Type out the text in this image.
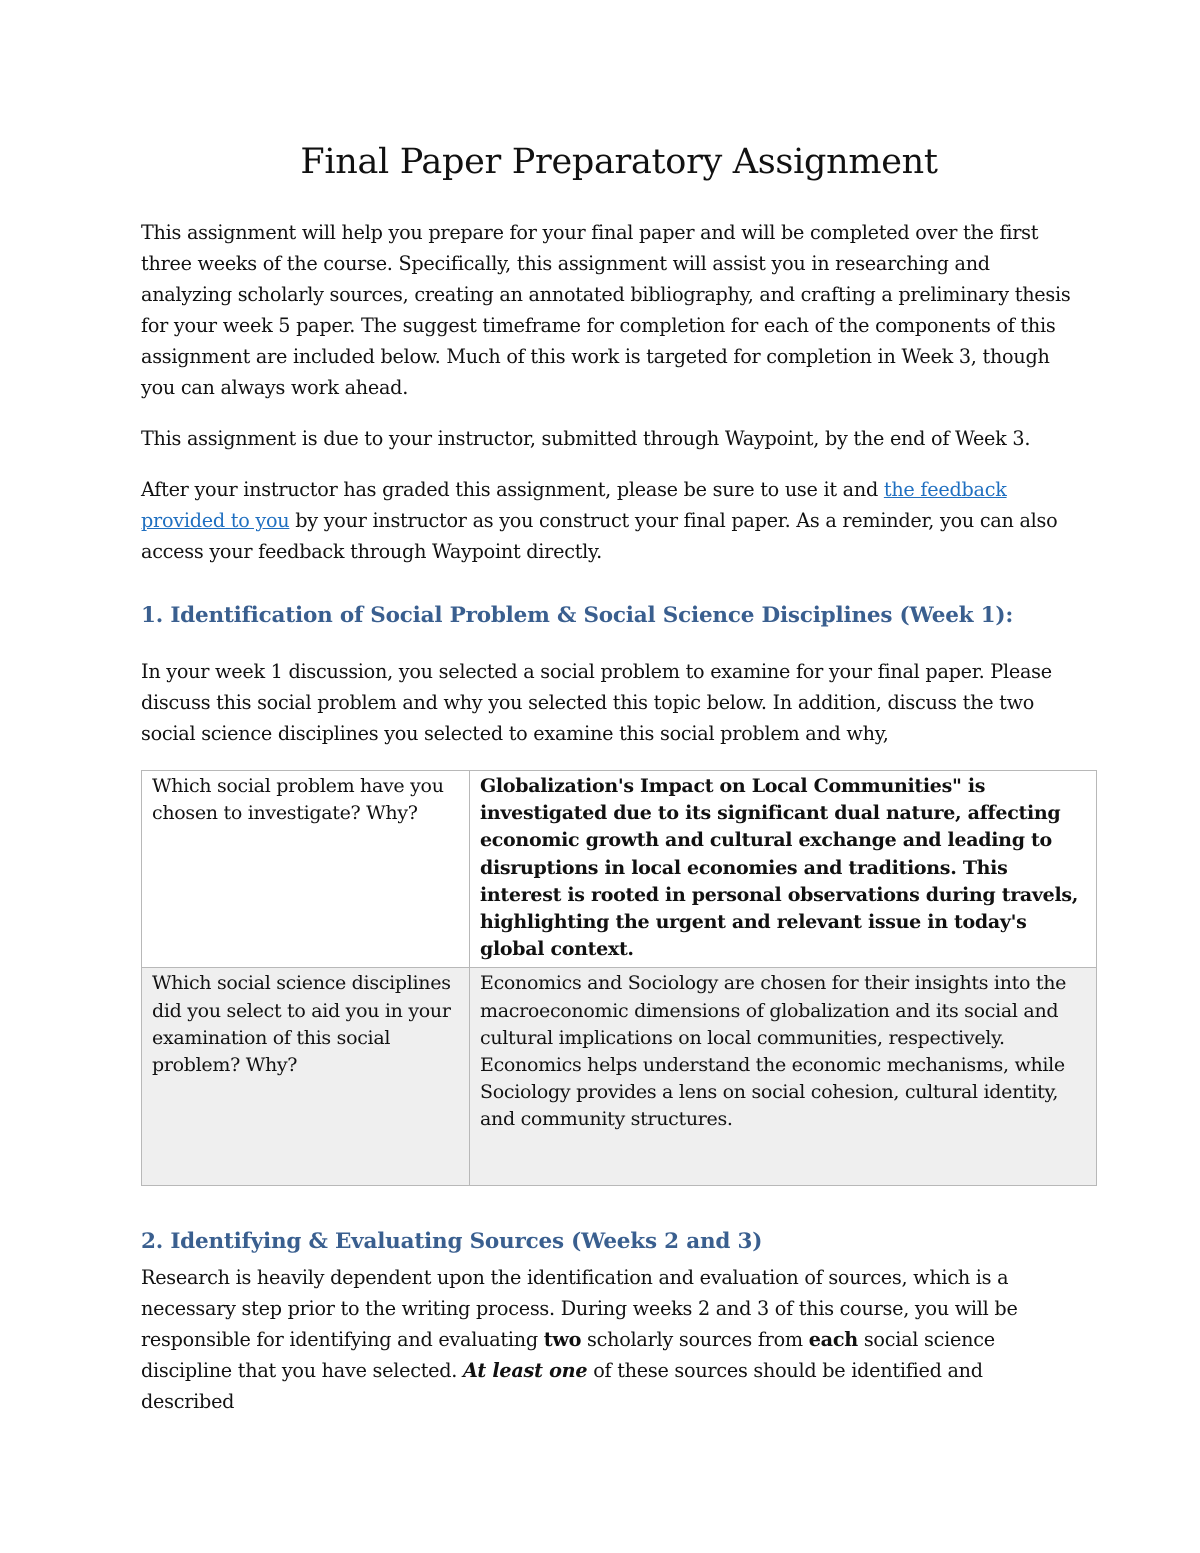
Final Paper Preparatory Assignment

This assignment will help you prepare for your final paper and will be completed over the first three weeks of the course. Specifically, this assignment will assist you in researching and analyzing scholarly sources, creating an annotated bibliography, and crafting a preliminary thesis for your week 5 paper. The suggest timeframe for completion for each of the components of this assignment are included below. Much of this work is targeted for completion in Week 3, though you can always work ahead.

This assignment is due to your instructor, submitted through Waypoint, by the end of Week 3.

After your instructor has graded this assignment, please be sure to use it and the feedback provided to you by your instructor as you construct your final paper. As a reminder, you can also access your feedback through Waypoint directly.

1. Identification of Social Problem & Social Science Disciplines (Week 1):

In your week 1 discussion, you selected a social problem to examine for your final paper. Please discuss this social problem and why you selected this topic below. In addition, discuss the two social science disciplines you selected to examine this social problem and why,

Which social problem have you chosen to investigate? Why?	Globalization's Impact on Local Communities" is investigated due to its significant dual nature, affecting economic growth and cultural exchange and leading to disruptions in local economies and traditions. This interest is rooted in personal observations during travels, highlighting the urgent and relevant issue in today's global context.
Which social science disciplines did you select to aid you in your examination of this social problem? Why?	Economics and Sociology are chosen for their insights into the macroeconomic dimensions of globalization and its social and cultural implications on local communities, respectively. Economics helps understand the economic mechanisms, while Sociology provides a lens on social cohesion, cultural identity, and community structures.
2. Identifying & Evaluating Sources (Weeks 2 and 3)

Research is heavily dependent upon the identification and evaluation of sources, which is a necessary step prior to the writing process. During weeks 2 and 3 of this course, you will be responsible for identifying and evaluating two scholarly sources from each social science discipline that you have selected. At least one of these sources should be identified and described
